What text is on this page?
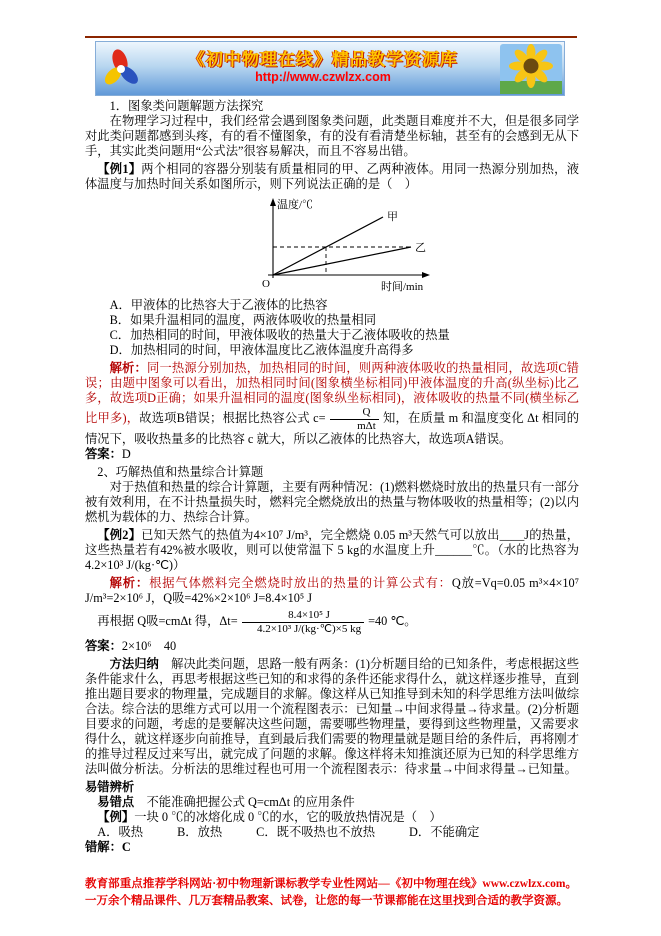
《初中物理在线》精品教学资源库
http://www.czwlzx.com

1．图象类问题解题方法探究

在物理学习过程中，我们经常会遇到图象类问题，此类题目难度并不大，但是很多同学对此类问题都感到头疼，有的看不懂图象，有的没有看清楚坐标轴，甚至有的会感到无从下手，其实此类问题用“公式法”很容易解决，而且不容易出错。

【例1】两个相同的容器分别装有质量相同的甲、乙两种液体。用同一热源分别加热，液体温度与加热时间关系如图所示，则下列说法正确的是（　）

温度/℃
甲
乙
O	时间/min
A．甲液体的比热容大于乙液体的比热容
B．如果升温相同的温度，两液体吸收的热量相同
C．加热相同的时间，甲液体吸收的热量大于乙液体吸收的热量
D．加热相同的时间，甲液体温度比乙液体温度升高得多

解析：同一热源分别加热，加热相同的时间，则两种液体吸收的热量相同，故选项C错误；由题中图象可以看出，加热相同时间(图象横坐标相同)甲液体温度的升高(纵坐标)比乙多，故选项D正确；如果升温相同的温度(图象纵坐标相同)，液体吸收的热量不同(横坐标乙比甲多)，故选项B错误；根据比热容公式 $c= \frac{Q}{\text{mΔt}}$ 知，在质量 m 和温度变化 Δt 相同的情况下，吸收热量多的比热容 c 就大，所以乙液体的比热容大，故选项A错误。

答案：D

2、巧解热值和热量综合计算题

对于热值和热量的综合计算题，主要有两种情况：(1)燃料燃烧时放出的热量只有一部分被有效利用，在不计热量损失时，燃料完全燃烧放出的热量与物体吸收的热量相等；(2)以内燃机为载体的力、热综合计算。

【例2】已知天然气的热值为4×10⁷ J/m³，完全燃烧 0.05 m³天然气可以放出____J的热量，这些热量若有42%被水吸收，则可以使常温下 5 kg的水温度上升______℃。（水的比热容为4.2×10³ J/(kg·℃)）

解析：根据气体燃料完全燃烧时放出的热量的计算公式有：Q放=Vq=0.05 m³×4×10⁷ J/m³=2×10⁶ J，Q吸=42%×2×10⁶ J=8.4×10⁵ J

再根据 Q吸=cmΔt 得，$\Delta t= \frac{\text{8.4×10⁵ J}}{\text{4.2×10³ J/(kg·℃)×5 kg}} =40$ ℃。

答案：2×10⁶　40

方法归纳　解决此类问题，思路一般有两条：(1)分析题目给的已知条件，考虑根据这些条件能求什么，再思考根据这些已知的和求得的条件还能求得什么，就这样逐步推导，直到推出题目要求的物理量，完成题目的求解。像这样从已知推导到未知的科学思维方法叫做综合法。综合法的思维方式可以用一个流程图表示：已知量→中间求得量→待求量。(2)分析题目要求的问题，考虑的是要解决这些问题，需要哪些物理量，要得到这些物理量，又需要求得什么，就这样逐步向前推导，直到最后我们需要的物理量就是题目给的条件后，再将刚才的推导过程反过来写出，就完成了问题的求解。像这样将未知推演还原为已知的科学思维方法叫做分析法。分析法的思维过程也可用一个流程图表示：待求量→中间求得量→已知量。

易错辨析

易错点　不能准确把握公式 Q=cmΔt 的应用条件

【例】一块 0 ℃的冰熔化成 0 ℃的水，它的吸放热情况是（　）

A．吸热	B．放热	C．既不吸热也不放热	D．不能确定

错解：C

教育部重点推荐学科网站·初中物理新课标教学专业性网站—《初中物理在线》www.czwlzx.com。一万余个精品课件、几万套精品教案、试卷，让您的每一节课都能在这里找到合适的教学资源。
